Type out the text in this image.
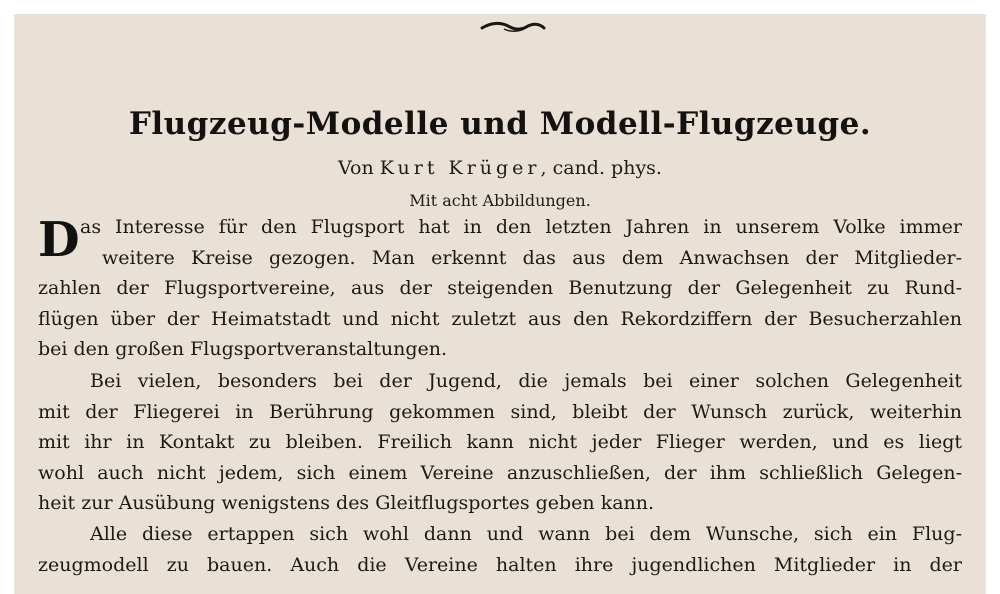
Flugzeug-Modelle und Modell-Flugzeuge.

Von Kurt Krüger, cand. phys.

Mit acht Abbildungen.

D as Interesse für den Flugsport hat in den letzten Jahren in unserem Volke immer
weitere Kreise gezogen. Man erkennt das aus dem Anwachsen der Mitglieder-
zahlen der Flugsportvereine, aus der steigenden Benutzung der Gelegenheit zu Rund-
flügen über der Heimatstadt und nicht zuletzt aus den Rekordziffern der Besucherzahlen
bei den großen Flugsportveranstaltungen.
Bei vielen, besonders bei der Jugend, die jemals bei einer solchen Gelegenheit
mit der Fliegerei in Berührung gekommen sind, bleibt der Wunsch zurück, weiterhin
mit ihr in Kontakt zu bleiben. Freilich kann nicht jeder Flieger werden, und es liegt
wohl auch nicht jedem, sich einem Vereine anzuschließen, der ihm schließlich Gelegen-
heit zur Ausübung wenigstens des Gleitflugsportes geben kann.
Alle diese ertappen sich wohl dann und wann bei dem Wunsche, sich ein Flug-
zeugmodell zu bauen. Auch die Vereine halten ihre jugendlichen Mitglieder in der
